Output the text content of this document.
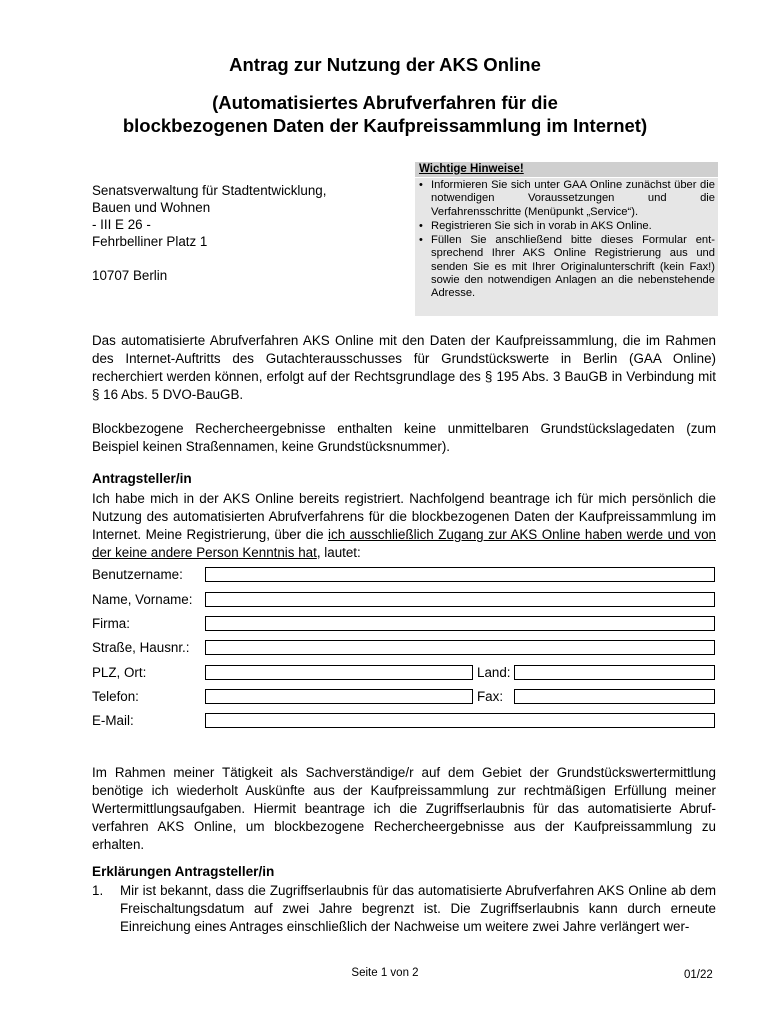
Antrag zur Nutzung der AKS Online
(Automatisiertes Abrufverfahren für die
blockbezogenen Daten der Kaufpreissammlung im Internet)
Senatsverwaltung für Stadtentwicklung,
Bauen und Wohnen
- III E 26 -
Fehrbelliner Platz 1
10707 Berlin
Wichtige Hinweise!
• Informieren Sie sich unter GAA Online zunächst über die notwendigen Voraussetzungen und die Verfahrensschritte (Menüpunkt „Service“).
• Registrieren Sie sich in vorab in AKS Online.
• Füllen Sie anschließend bitte dieses Formular entsprechend Ihrer AKS Online Registrierung aus und senden Sie es mit Ihrer Originalunterschrift (kein Fax!) sowie den notwendigen Anlagen an die nebenstehende Adresse.
Das automatisierte Abrufverfahren AKS Online mit den Daten der Kaufpreissammlung, die im Rahmen des Internet-Auftritts des Gutachterausschusses für Grundstückswerte in Berlin (GAA Online) recherchiert werden können, erfolgt auf der Rechtsgrundlage des § 195 Abs. 3 BauGB in Verbindung mit § 16 Abs. 5 DVO-BauGB.
Blockbezogene Rechercheergebnisse enthalten keine unmittelbaren Grundstückslagedaten (zum Beispiel keinen Straßennamen, keine Grundstücksnummer).
Antragsteller/in
Ich habe mich in der AKS Online bereits registriert. Nachfolgend beantrage ich für mich persönlich die Nutzung des automatisierten Abrufverfahrens für die blockbezogenen Daten der Kaufpreissammlung im Internet. Meine Registrierung, über die ich ausschließlich Zugang zur AKS Online haben werde und von der keine andere Person Kenntnis hat, lautet:
Benutzername:
Name, Vorname:
Firma:
Straße, Hausnr.:
PLZ, Ort:	Land:
Telefon:	Fax:
E-Mail:
Im Rahmen meiner Tätigkeit als Sachverständige/r auf dem Gebiet der Grundstückswertermittlung benötige ich wiederholt Auskünfte aus der Kaufpreissammlung zur rechtmäßigen Erfüllung meiner Wertermittlungsaufgaben. Hiermit beantrage ich die Zugriffserlaubnis für das automatisierte Abrufverfahren AKS Online, um blockbezogene Rechercheergebnisse aus der Kaufpreissammlung zu erhalten.
Erklärungen Antragsteller/in
1. Mir ist bekannt, dass die Zugriffserlaubnis für das automatisierte Abrufverfahren AKS Online ab dem Freischaltungsdatum auf zwei Jahre begrenzt ist. Die Zugriffserlaubnis kann durch erneute Einreichung eines Antrages einschließlich der Nachweise um weitere zwei Jahre verlängert wer-
Seite 1 von 2	01/22
